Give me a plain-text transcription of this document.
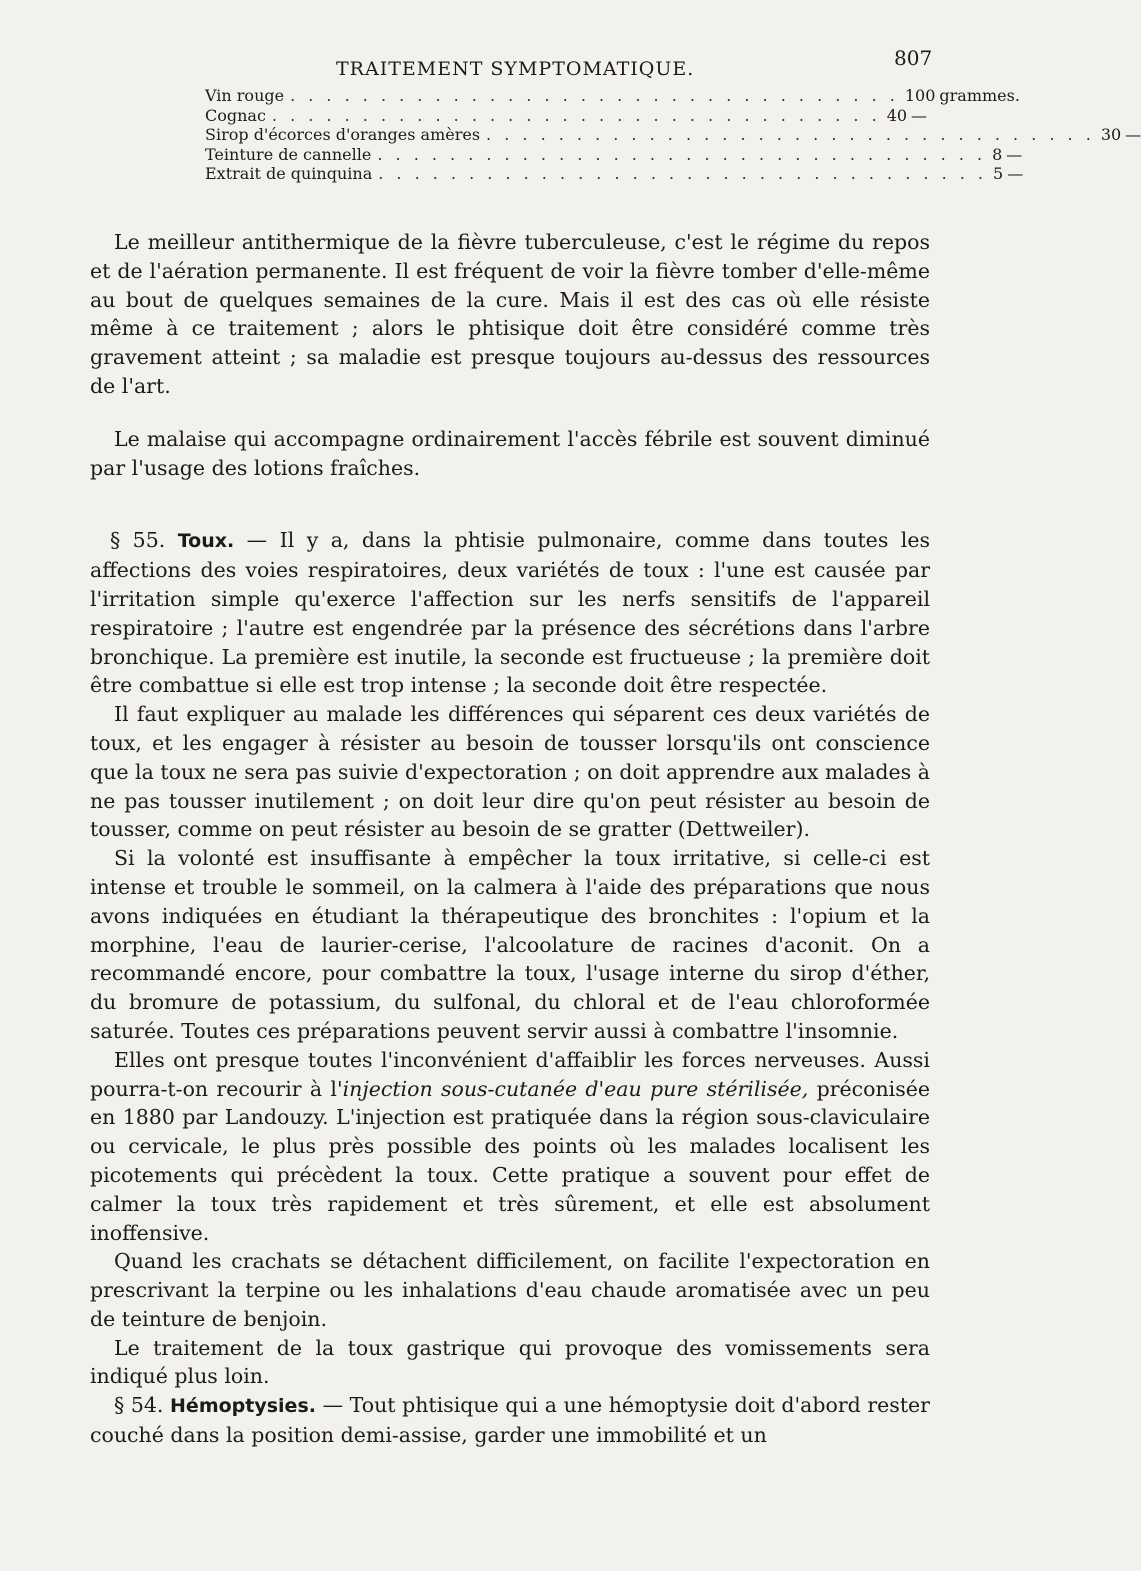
TRAITEMENT SYMPTOMATIQUE.	807
Vin rouge . . . . . . . . . . . . . . . . . . . . . . . . . . . . . . . . . . 100 grammes.
Cognac . . . . . . . . . . . . . . . . . . . . . . . . . . . . . . . . . . 40 —
Sirop d'écorces d'oranges amères . . . . . . . . . . . . . . . . . . . . . . . . . . . . . . . . . . 30 —
Teinture de cannelle . . . . . . . . . . . . . . . . . . . . . . . . . . . . . . . . . . 8 —
Extrait de quinquina . . . . . . . . . . . . . . . . . . . . . . . . . . . . . . . . . . 5 —

Le meilleur antithermique de la fièvre tuberculeuse, c'est le régime du repos et de l'aération permanente. Il est fréquent de voir la fièvre tomber d'elle-même au bout de quelques semaines de la cure. Mais il est des cas où elle résiste même à ce traitement ; alors le phtisique doit être considéré comme très gravement atteint ; sa maladie est presque toujours au-dessus des ressources de l'art.

Le malaise qui accompagne ordinairement l'accès fébrile est souvent diminué par l'usage des lotions fraîches.

§ 55. Toux. — Il y a, dans la phtisie pulmonaire, comme dans toutes les affections des voies respiratoires, deux variétés de toux : l'une est causée par l'irritation simple qu'exerce l'affection sur les nerfs sensitifs de l'appareil respiratoire ; l'autre est engendrée par la présence des sécrétions dans l'arbre bronchique. La première est inutile, la seconde est fructueuse ; la première doit être combattue si elle est trop intense ; la seconde doit être respectée.

Il faut expliquer au malade les différences qui séparent ces deux variétés de toux, et les engager à résister au besoin de tousser lorsqu'ils ont conscience que la toux ne sera pas suivie d'expectoration ; on doit apprendre aux malades à ne pas tousser inutilement ; on doit leur dire qu'on peut résister au besoin de tousser, comme on peut résister au besoin de se gratter (Dettweiler).

Si la volonté est insuffisante à empêcher la toux irritative, si celle-ci est intense et trouble le sommeil, on la calmera à l'aide des préparations que nous avons indiquées en étudiant la thérapeutique des bronchites : l'opium et la morphine, l'eau de laurier-cerise, l'alcoolature de racines d'aconit. On a recommandé encore, pour combattre la toux, l'usage interne du sirop d'éther, du bromure de potassium, du sulfonal, du chloral et de l'eau chloroformée saturée. Toutes ces préparations peuvent servir aussi à combattre l'insomnie.

Elles ont presque toutes l'inconvénient d'affaiblir les forces nerveuses. Aussi pourra-t-on recourir à l'injection sous-cutanée d'eau pure stérilisée, préconisée en 1880 par Landouzy. L'injection est pratiquée dans la région sous-claviculaire ou cervicale, le plus près possible des points où les malades localisent les picotements qui précèdent la toux. Cette pratique a souvent pour effet de calmer la toux très rapidement et très sûrement, et elle est absolument inoffensive.

Quand les crachats se détachent difficilement, on facilite l'expectoration en prescrivant la terpine ou les inhalations d'eau chaude aromatisée avec un peu de teinture de benjoin.

Le traitement de la toux gastrique qui provoque des vomissements sera indiqué plus loin.

§ 54. Hémoptysies. — Tout phtisique qui a une hémoptysie doit d'abord rester couché dans la position demi-assise, garder une immobilité et un
